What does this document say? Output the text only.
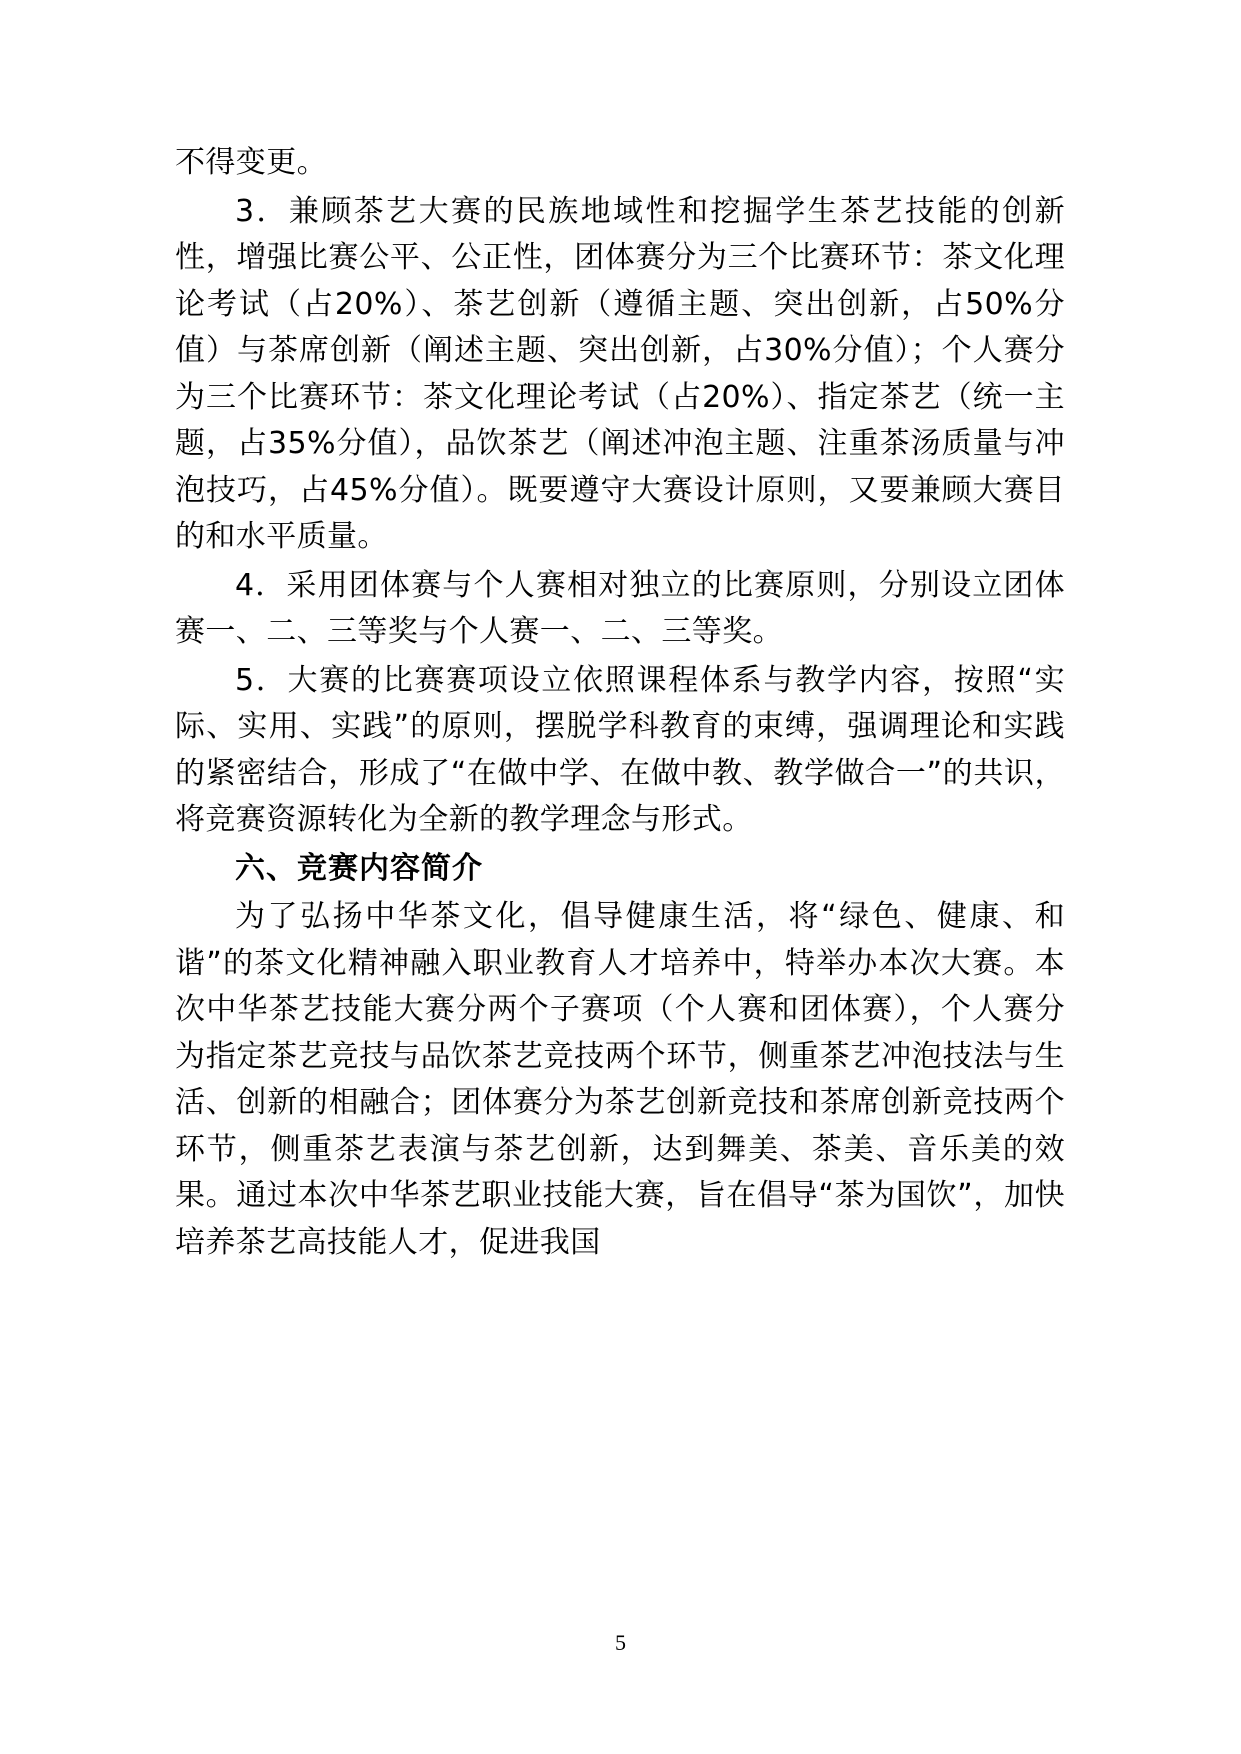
不得变更。

3．兼顾茶艺大赛的民族地域性和挖掘学生茶艺技能的创新性，增强比赛公平、公正性，团体赛分为三个比赛环节：茶文化理论考试（占20%）、茶艺创新（遵循主题、突出创新，占50%分值）与茶席创新（阐述主题、突出创新，占30%分值）；个人赛分为三个比赛环节：茶文化理论考试（占20%）、指定茶艺（统一主题，占35%分值），品饮茶艺（阐述冲泡主题、注重茶汤质量与冲泡技巧，占45%分值）。既要遵守大赛设计原则，又要兼顾大赛目的和水平质量。

4．采用团体赛与个人赛相对独立的比赛原则，分别设立团体赛一、二、三等奖与个人赛一、二、三等奖。

5．大赛的比赛赛项设立依照课程体系与教学内容，按照“实际、实用、实践”的原则，摆脱学科教育的束缚，强调理论和实践的紧密结合，形成了“在做中学、在做中教、教学做合一”的共识，将竞赛资源转化为全新的教学理念与形式。

六、竞赛内容简介

为了弘扬中华茶文化，倡导健康生活，将“绿色、健康、和谐”的茶文化精神融入职业教育人才培养中，特举办本次大赛。本次中华茶艺技能大赛分两个子赛项（个人赛和团体赛），个人赛分为指定茶艺竞技与品饮茶艺竞技两个环节，侧重茶艺冲泡技法与生活、创新的相融合；团体赛分为茶艺创新竞技和茶席创新竞技两个环节，侧重茶艺表演与茶艺创新，达到舞美、茶美、音乐美的效果。通过本次中华茶艺职业技能大赛，旨在倡导“茶为国饮”，加快培养茶艺高技能人才，促进我国

5
